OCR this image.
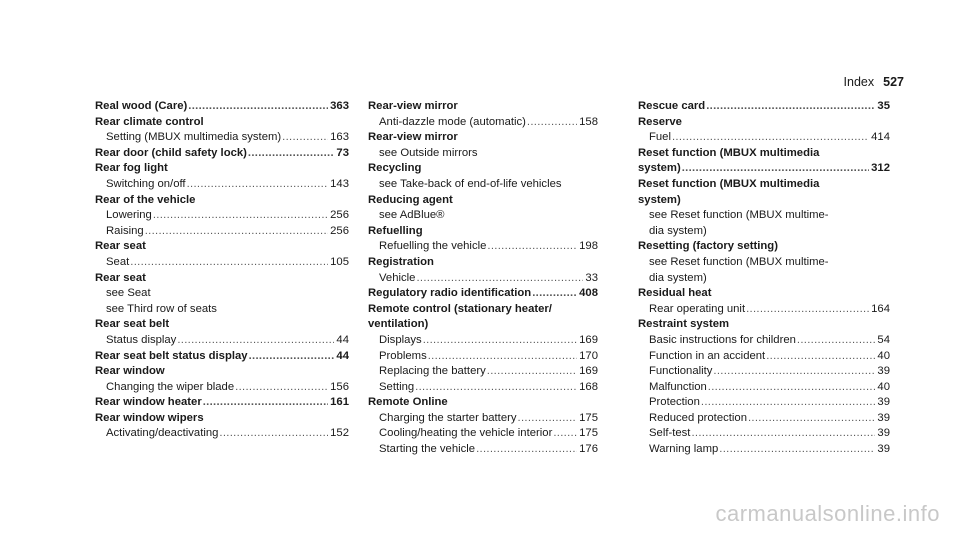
Index 527
Real wood (Care) .....	363
Rear climate control
Setting (MBUX multimedia system) .....	163
Rear door (child safety lock) .....	73
Rear fog light
Switching on/off .....	143
Rear of the vehicle
Lowering .....	256
Raising .....	256
Rear seat
Seat .....	105
Rear seat
see Seat
see Third row of seats
Rear seat belt
Status display .....	44
Rear seat belt status display .....	44
Rear window
Changing the wiper blade .....	156
Rear window heater .....	161
Rear window wipers
Activating/deactivating .....	152
Rear-view mirror
Anti-dazzle mode (automatic) .....	158
Rear-view mirror
see Outside mirrors
Recycling
see Take-back of end-of-life vehicles
Reducing agent
see AdBlue®
Refuelling
Refuelling the vehicle .....	198
Registration
Vehicle .....	33
Regulatory radio identification .....	408
Remote control (stationary heater/
ventilation)
Displays .....	169
Problems .....	170
Replacing the battery .....	169
Setting .....	168
Remote Online
Charging the starter battery .....	175
Cooling/heating the vehicle interior ..... 175
Starting the vehicle .....	176
Rescue card .....	35
Reserve
Fuel .....	414
Reset function (MBUX multimedia
system) .....	312
Reset function (MBUX multimedia
system)
see Reset function (MBUX multime-
dia system)
Resetting (factory setting)
see Reset function (MBUX multime-
dia system)
Residual heat
Rear operating unit .....	164
Restraint system
Basic instructions for children .....	54
Function in an accident .....	40
Functionality .....	39
Malfunction .....	40
Protection .....	39
Reduced protection .....	39
Self-test .....	39
Warning lamp .....	39
carmanualsonline.info
